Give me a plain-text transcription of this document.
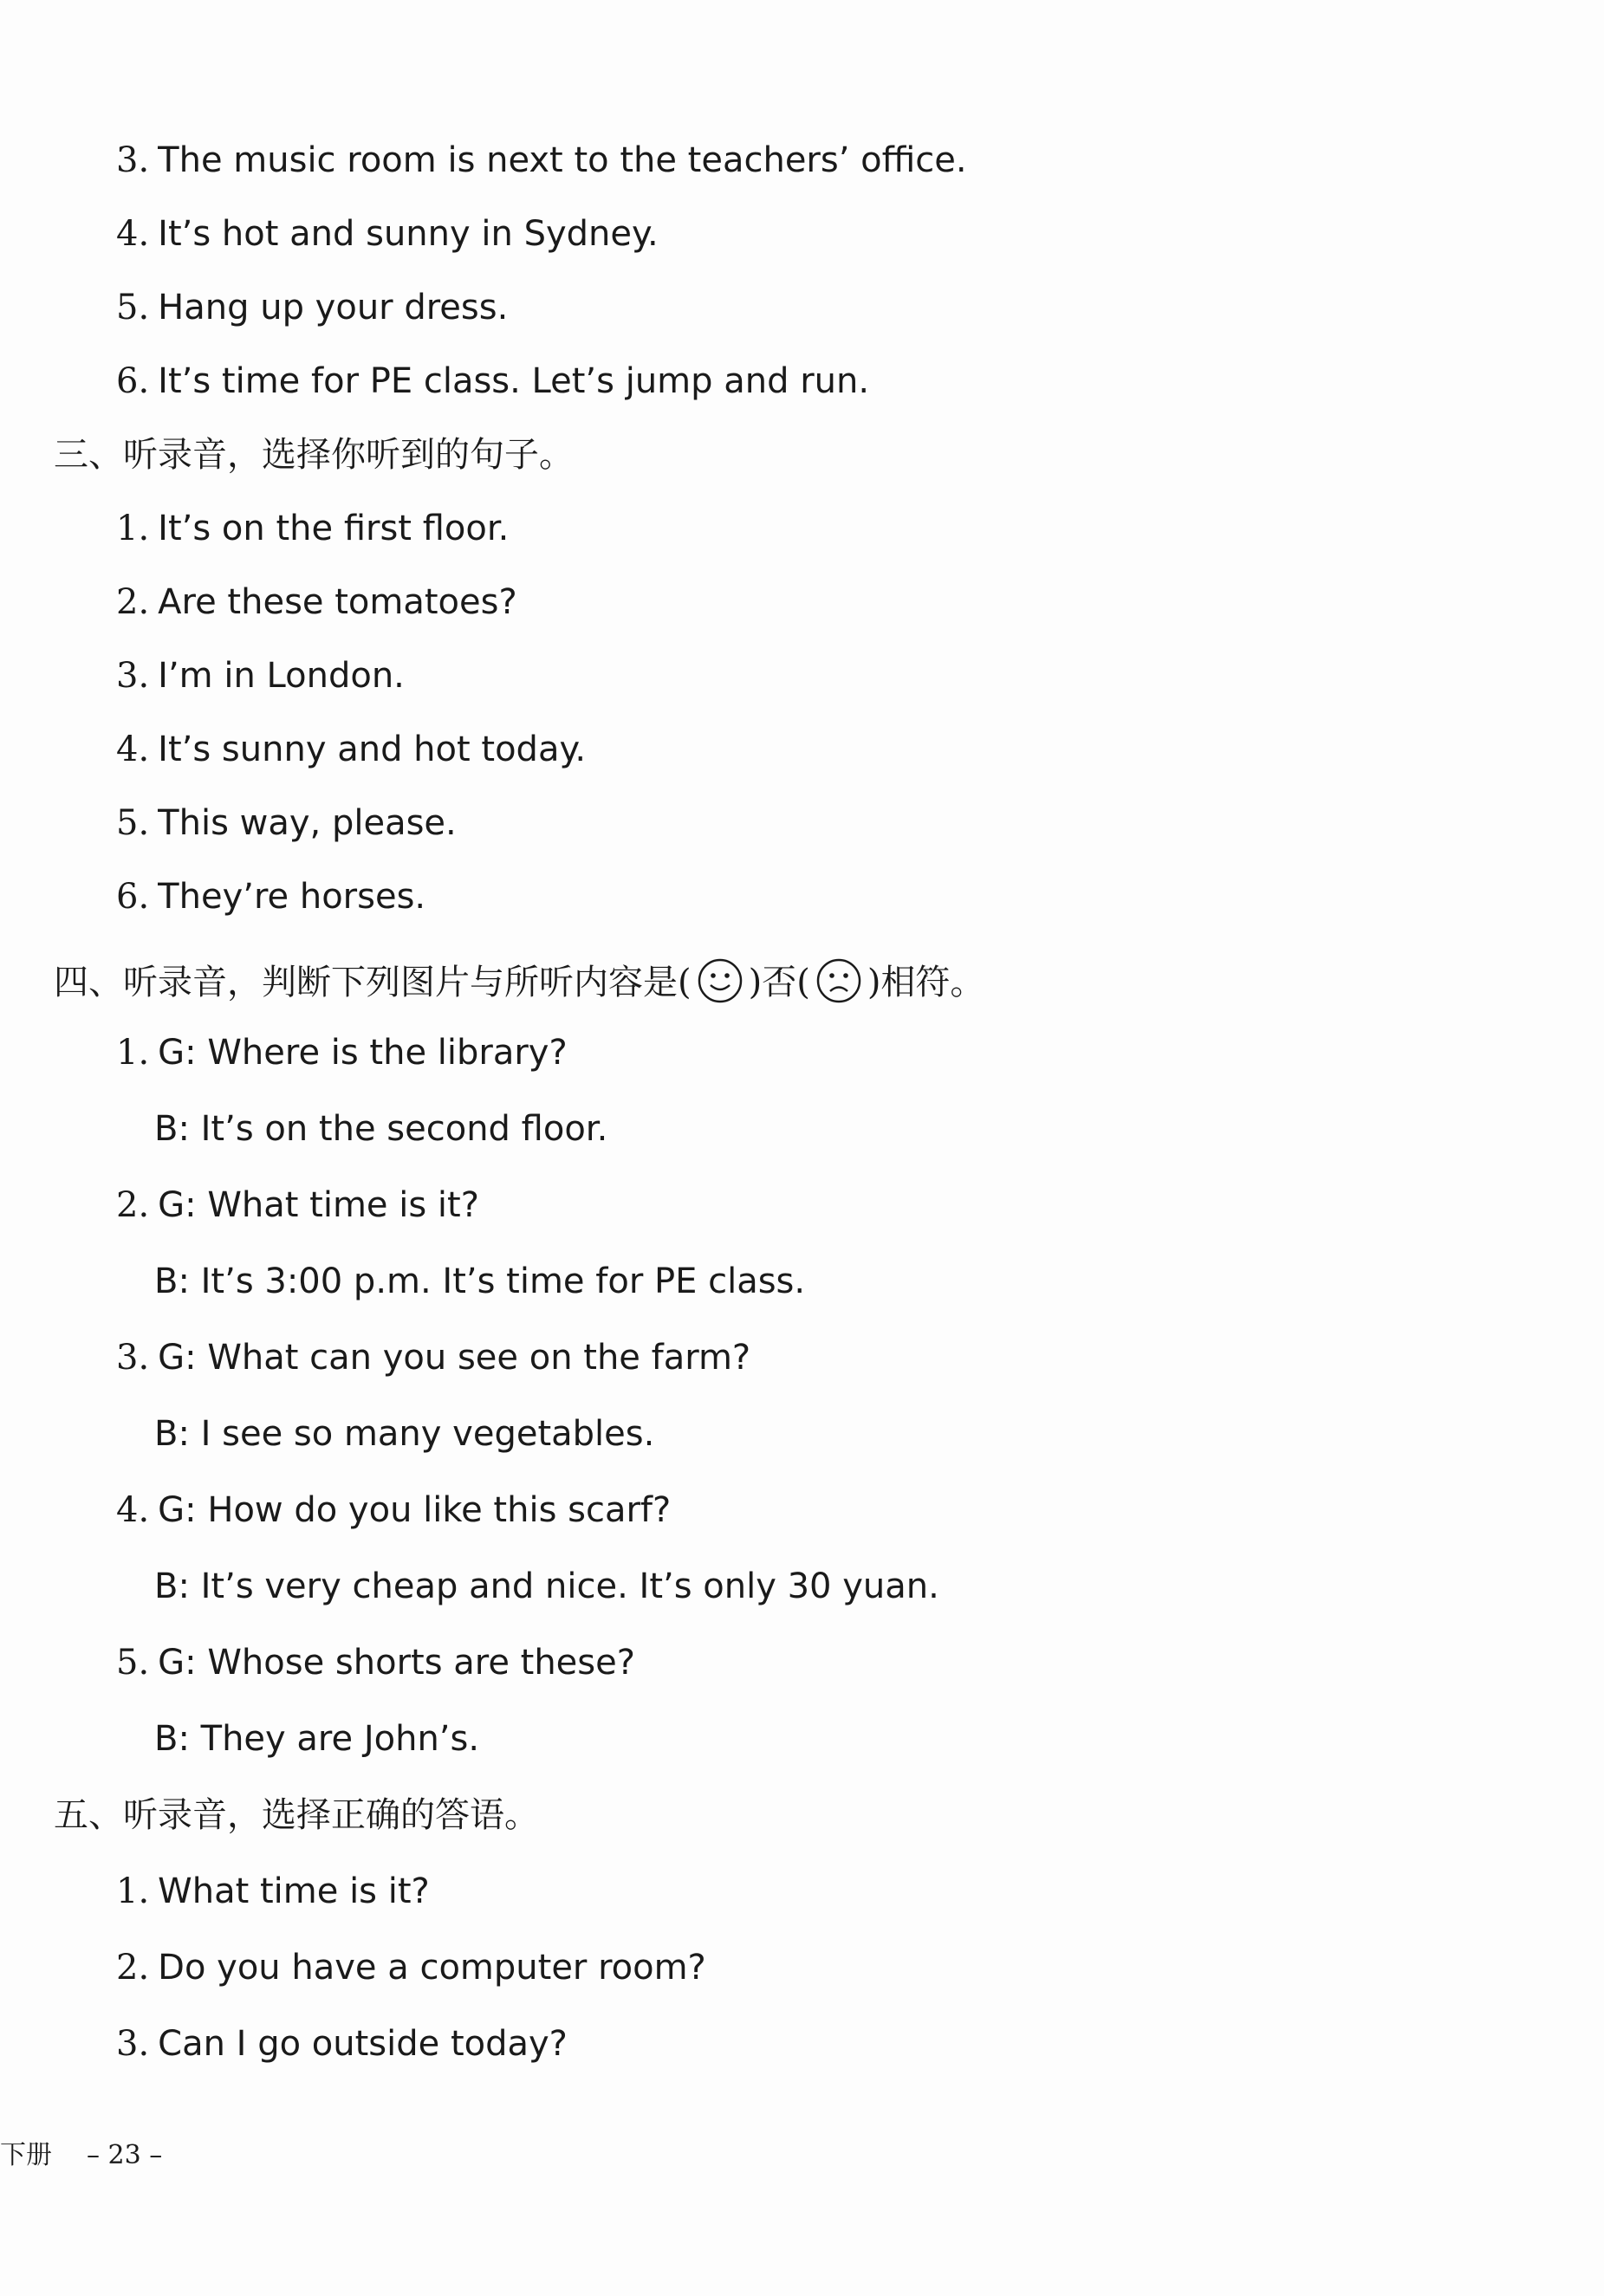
3. The music room is next to the teachers’ office.
4. It’s hot and sunny in Sydney.
5. Hang up your dress.
6. It’s time for PE class. Let’s jump and run.
三、听录音，选择你听到的句子。
1. It’s on the first floor.
2. Are these tomatoes?
3. I’m in London.
4. It’s sunny and hot today.
5. This way, please.
6. They’re horses.
四、听录音，判断下列图片与所听内容是( )否( )相符。
1. G: Where is the library?
B: It’s on the second floor.
2. G: What time is it?
B: It’s 3:00 p.m. It’s time for PE class.
3. G: What can you see on the farm?
B: I see so many vegetables.
4. G: How do you like this scarf?
B: It’s very cheap and nice. It’s only 30 yuan.
5. G: Whose shorts are these?
B: They are John’s.
五、听录音，选择正确的答语。
1. What time is it?
2. Do you have a computer room?
3. Can I go outside today?
下册 – 23 –
